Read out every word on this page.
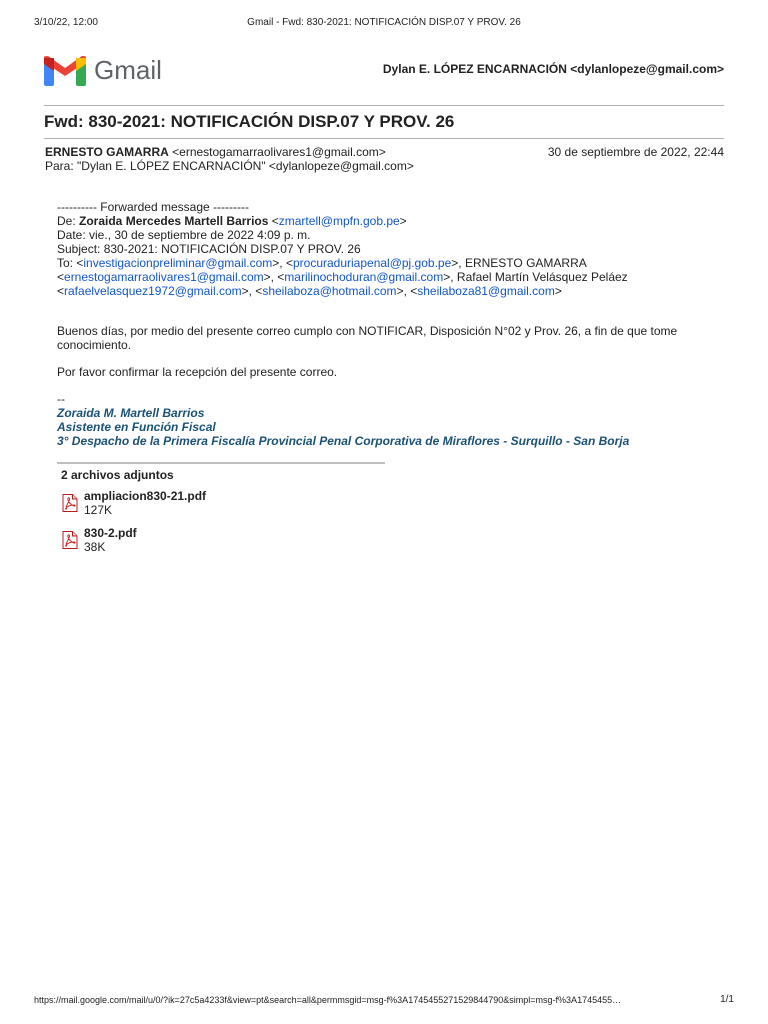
3/10/22, 12:00	Gmail - Fwd: 830-2021: NOTIFICACIÓN DISP.07 Y PROV. 26
Gmail	Dylan E. LÓPEZ ENCARNACIÓN <dylanlopeze@gmail.com>
Fwd: 830-2021: NOTIFICACIÓN DISP.07 Y PROV. 26
ERNESTO GAMARRA <ernestogamarraolivares1@gmail.com>	30 de septiembre de 2022, 22:44
Para: "Dylan E. LÓPEZ ENCARNACIÓN" <dylanlopeze@gmail.com>
---------- Forwarded message ---------
De: Zoraida Mercedes Martell Barrios <zmartell@mpfn.gob.pe>
Date: vie., 30 de septiembre de 2022 4:09 p. m.
Subject: 830-2021: NOTIFICACIÓN DISP.07 Y PROV. 26
To: <investigacionpreliminar@gmail.com>, <procuraduriapenal@pj.gob.pe>, ERNESTO GAMARRA
<ernestogamarraolivares1@gmail.com>, <marilinochoduran@gmail.com>, Rafael Martín Velásquez Peláez
<rafaelvelasquez1972@gmail.com>, <sheilaboza@hotmail.com>, <sheilaboza81@gmail.com>
Buenos días, por medio del presente correo cumplo con NOTIFICAR, Disposición N°02 y Prov. 26, a fin de que tome
conocimiento.
Por favor confirmar la recepción del presente correo.
--
Zoraida M. Martell Barrios
Asistente en Función Fiscal
3° Despacho de la Primera Fiscalía Provincial Penal Corporativa de Miraflores - Surquillo - San Borja
2 archivos adjuntos
ampliacion830-21.pdf
127K
830-2.pdf
38K
https://mail.google.com/mail/u/0/?ik=27c5a4233f&view=pt&search=all&permmsgid=msg-f%3A1745455271529844790&simpl=msg-f%3A1745455…	1/1
